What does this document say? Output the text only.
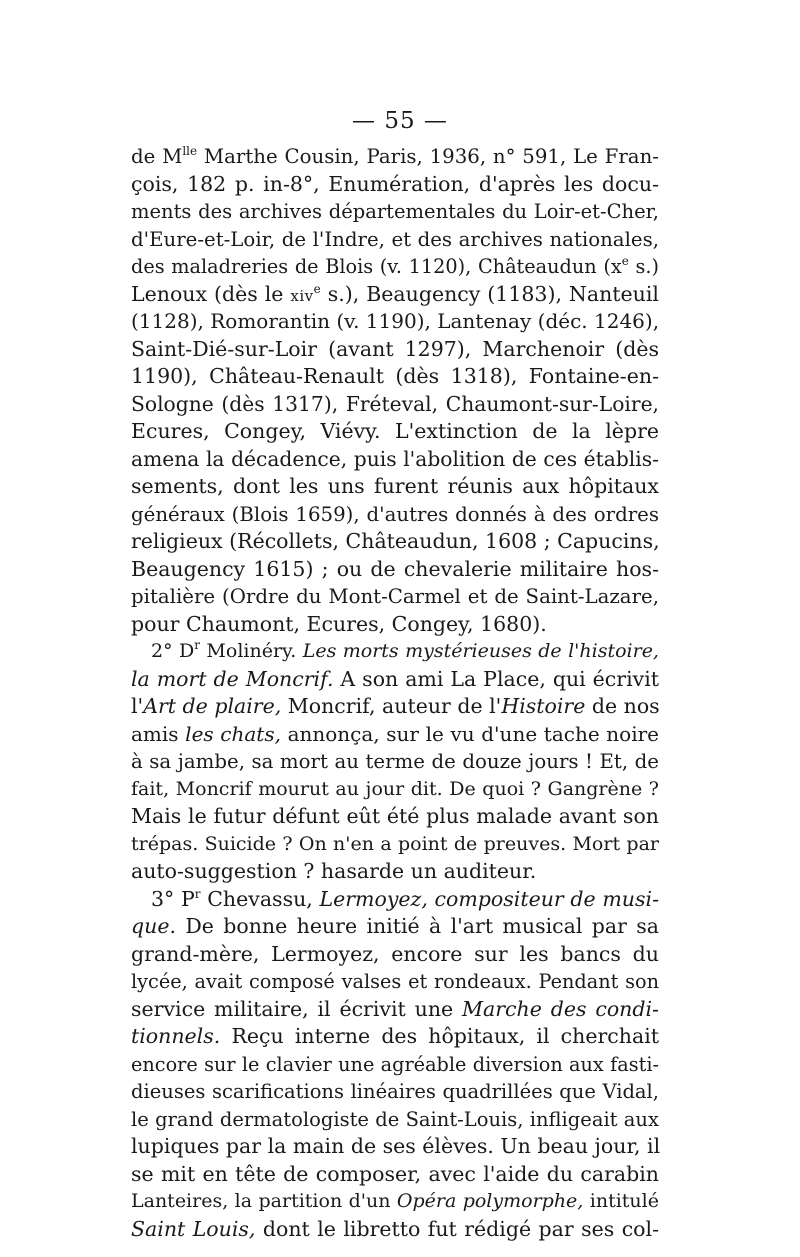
— 55 —
de $M^{lle}$ Marthe Cousin, Paris, 1936, n° 591, Le Fran-
çois, 182 p. in-8°, Enumération, d'après les docu-
ments des archives départementales du Loir-et-Cher,
d'Eure-et-Loir, de l'Indre, et des archives nationales,
des maladreries de Blois (v. 1120), Châteaudun ($x^e$ s.)
Lenoux (dès le xiv$^e$ s.), Beaugency (1183), Nanteuil
(1128), Romorantin (v. 1190), Lantenay (déc. 1246),
Saint-Dié-sur-Loir (avant 1297), Marchenoir (dès
1190), Château-Renault (dès 1318), Fontaine-en-
Sologne (dès 1317), Fréteval, Chaumont-sur-Loire,
Ecures, Congey, Viévy. L'extinction de la lèpre
amena la décadence, puis l'abolition de ces établis-
sements, dont les uns furent réunis aux hôpitaux
généraux (Blois 1659), d'autres donnés à des ordres
religieux (Récollets, Châteaudun, 1608 ; Capucins,
Beaugency 1615) ; ou de chevalerie militaire hos-
pitalière (Ordre du Mont-Carmel et de Saint-Lazare,
pour Chaumont, Ecures, Congey, 1680).
2° $D^r$ Molinéry. Les morts mystérieuses de l'histoire,
la mort de Moncrif. A son ami La Place, qui écrivit
l'Art de plaire, Moncrif, auteur de l'Histoire de nos
amis les chats, annonça, sur le vu d'une tache noire
à sa jambe, sa mort au terme de douze jours ! Et, de
fait, Moncrif mourut au jour dit. De quoi ? Gangrène ?
Mais le futur défunt eût été plus malade avant son
trépas. Suicide ? On n'en a point de preuves. Mort par
auto-suggestion ? hasarde un auditeur.
3° $P^r$ Chevassu, Lermoyez, compositeur de musi-
que. De bonne heure initié à l'art musical par sa
grand-mère, Lermoyez, encore sur les bancs du
lycée, avait composé valses et rondeaux. Pendant son
service militaire, il écrivit une Marche des condi-
tionnels. Reçu interne des hôpitaux, il cherchait
encore sur le clavier une agréable diversion aux fasti-
dieuses scarifications linéaires quadrillées que Vidal,
le grand dermatologiste de Saint-Louis, infligeait aux
lupiques par la main de ses élèves. Un beau jour, il
se mit en tête de composer, avec l'aide du carabin
Lanteires, la partition d'un Opéra polymorphe, intitulé
Saint Louis, dont le libretto fut rédigé par ses col-
